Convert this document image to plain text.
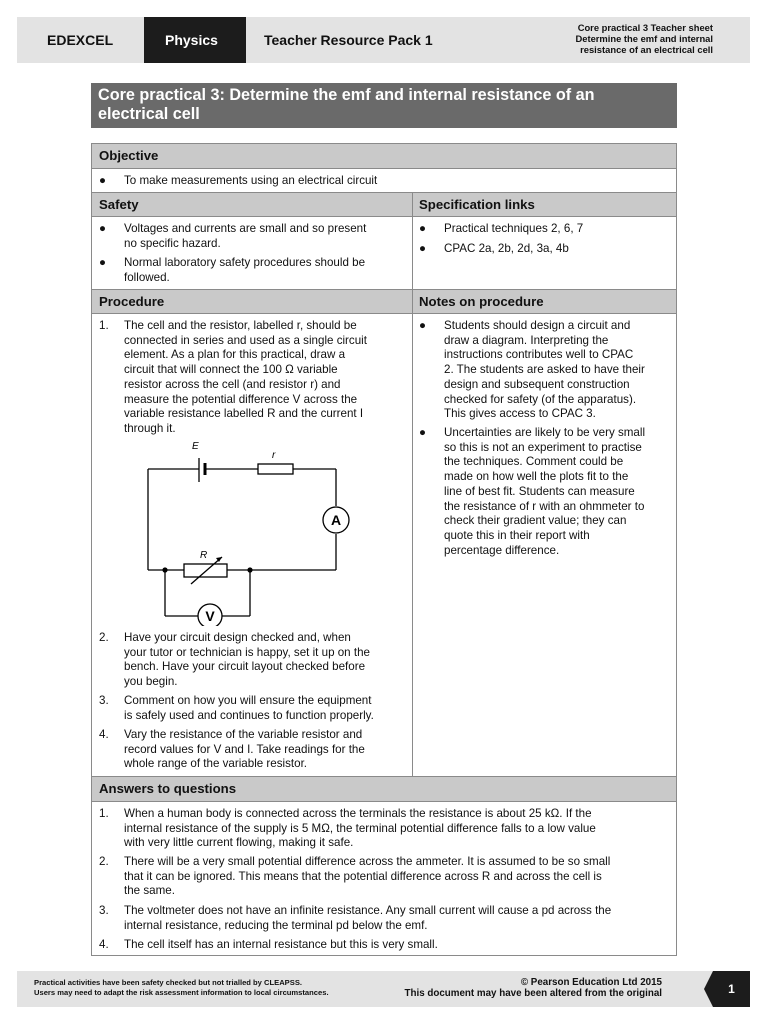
EDEXCEL	Physics	Teacher Resource Pack 1
Core practical 3 Teacher sheet
Determine the emf and internal
resistance of an electrical cell
Core practical 3: Determine the emf and internal resistance of an electrical cell
Objective
● To make measurements using an electrical circuit
Safety	Specification links
● Voltages and currents are small and so present
no specific hazard.
● Normal laboratory safety procedures should be
followed.
● Practical techniques 2, 6, 7
● CPAC 2a, 2b, 2d, 3a, 4b
Procedure	Notes on procedure
1. The cell and the resistor, labelled r, should be
connected in series and used as a single circuit
element. As a plan for this practical, draw a
circuit that will connect the 100 Ω variable
resistor across the cell (and resistor r) and
measure the potential difference V across the
variable resistance labelled R and the current I
through it.
E
r
R
A
V
2. Have your circuit design checked and, when
your tutor or technician is happy, set it up on the
bench. Have your circuit layout checked before
you begin.
3. Comment on how you will ensure the equipment
is safely used and continues to function properly.
4. Vary the resistance of the variable resistor and
record values for V and I. Take readings for the
whole range of the variable resistor.
● Students should design a circuit and
draw a diagram. Interpreting the
instructions contributes well to CPAC
2. The students are asked to have their
design and subsequent construction
checked for safety (of the apparatus).
This gives access to CPAC 3.
● Uncertainties are likely to be very small
so this is not an experiment to practise
the techniques. Comment could be
made on how well the plots fit to the
line of best fit. Students can measure
the resistance of r with an ohmmeter to
check their gradient value; they can
quote this in their report with
percentage difference.
Answers to questions
1. When a human body is connected across the terminals the resistance is about 25 kΩ. If the
internal resistance of the supply is 5 MΩ, the terminal potential difference falls to a low value
with very little current flowing, making it safe.
2. There will be a very small potential difference across the ammeter. It is assumed to be so small
that it can be ignored. This means that the potential difference across R and across the cell is
the same.
3. The voltmeter does not have an infinite resistance. Any small current will cause a pd across the
internal resistance, reducing the terminal pd below the emf.
4. The cell itself has an internal resistance but this is very small.
Practical activities have been safety checked but not trialled by CLEAPSS.
Users may need to adapt the risk assessment information to local circumstances.
© Pearson Education Ltd 2015
This document may have been altered from the original	1
